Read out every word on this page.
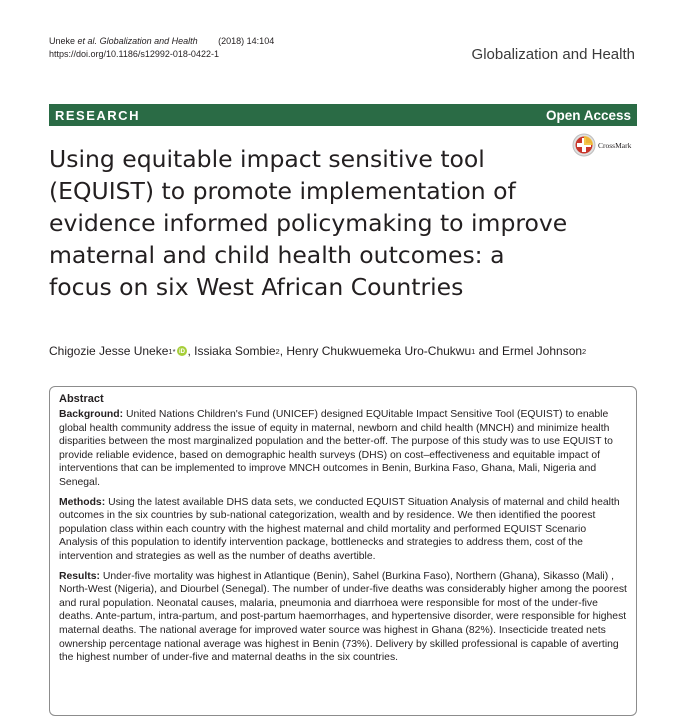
Uneke et al. Globalization and Health (2018) 14:104
https://doi.org/10.1186/s12992-018-0422-1	Globalization and Health
RESEARCH	Open Access
CrossMark
Using equitable impact sensitive tool (EQUIST) to promote implementation of evidence informed policymaking to improve maternal and child health outcomes: a focus on six West African Countries
Chigozie Jesse Uneke 1* iD , Issiaka Sombie 2 , Henry Chukwuemeka Uro-Chukwu 1 and Ermel Johnson 2
Abstract

Background: United Nations Children's Fund (UNICEF) designed EQUitable Impact Sensitive Tool (EQUIST) to enable global health community address the issue of equity in maternal, newborn and child health (MNCH) and minimize health disparities between the most marginalized population and the better-off. The purpose of this study was to use EQUIST to provide reliable evidence, based on demographic health surveys (DHS) on cost–effectiveness and equitable impact of interventions that can be implemented to improve MNCH outcomes in Benin, Burkina Faso, Ghana, Mali, Nigeria and Senegal.

Methods: Using the latest available DHS data sets, we conducted EQUIST Situation Analysis of maternal and child health outcomes in the six countries by sub-national categorization, wealth and by residence. We then identified the poorest population class within each country with the highest maternal and child mortality and performed EQUIST Scenario Analysis of this population to identify intervention package, bottlenecks and strategies to address them, cost of the intervention and strategies as well as the number of deaths avertible.

Results: Under-five mortality was highest in Atlantique (Benin), Sahel (Burkina Faso), Northern (Ghana), Sikasso (Mali) , North-West (Nigeria), and Diourbel (Senegal). The number of under-five deaths was considerably higher among the poorest and rural population. Neonatal causes, malaria, pneumonia and diarrhoea were responsible for most of the under-five deaths. Ante-partum, intra-partum, and post-partum haemorrhages, and hypertensive disorder, were responsible for highest maternal deaths. The national average for improved water source was highest in Ghana (82%). Insecticide treated nets ownership percentage national average was highest in Benin (73%). Delivery by skilled professional is capable of averting the highest number of under-five and maternal deaths in the six countries.
